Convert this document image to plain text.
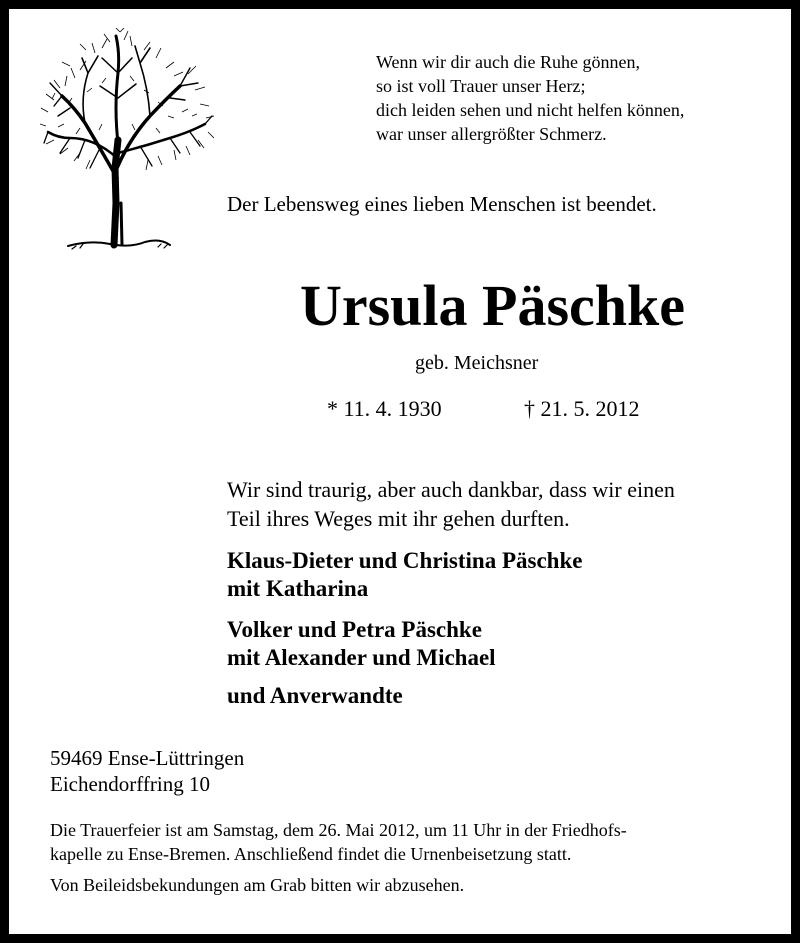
Wenn wir dir auch die Ruhe gönnen,
so ist voll Trauer unser Herz;
dich leiden sehen und nicht helfen können,
war unser allergrößter Schmerz.
Der Lebensweg eines lieben Menschen ist beendet.
Ursula Päschke
geb. Meichsner
* 11. 4. 1930	† 21. 5. 2012
Wir sind traurig, aber auch dankbar, dass wir einen
Teil ihres Weges mit ihr gehen durften.
Klaus-Dieter und Christina Päschke
mit Katharina
Volker und Petra Päschke
mit Alexander und Michael
und Anverwandte
59469 Ense-Lüttringen
Eichendorffring 10
Die Trauerfeier ist am Samstag, dem 26. Mai 2012, um 11 Uhr in der Friedhofs-
kapelle zu Ense-Bremen. Anschließend findet die Urnenbeisetzung statt.
Von Beileidsbekundungen am Grab bitten wir abzusehen.
